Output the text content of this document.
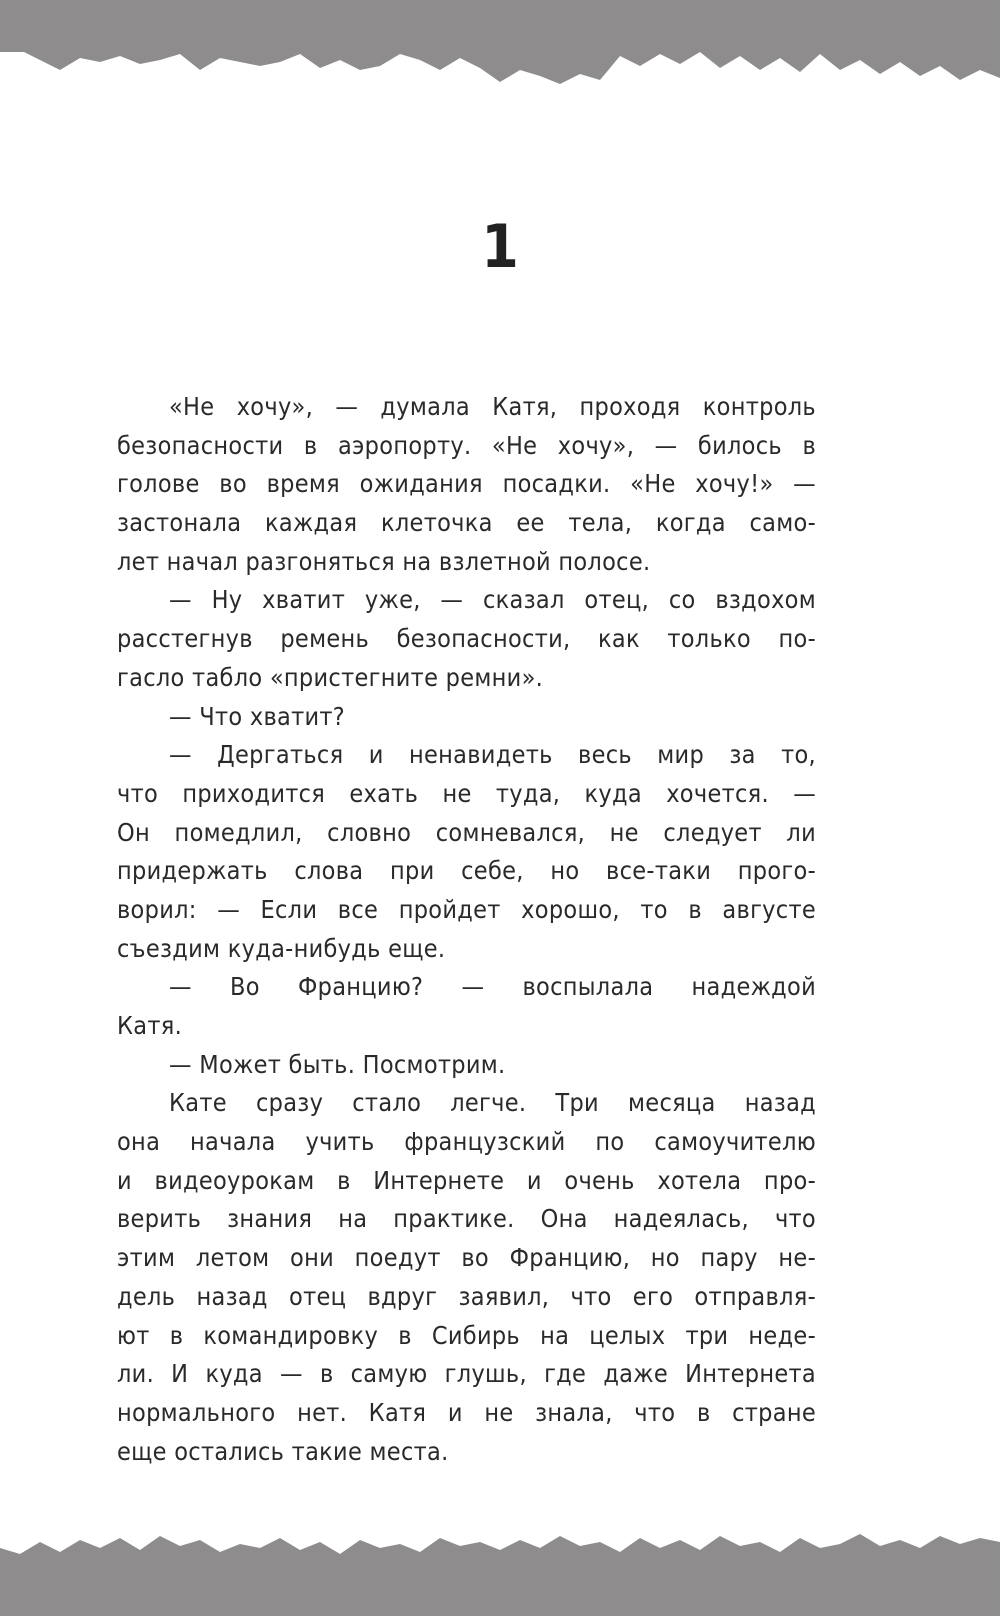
1
«Не хочу», — думала Катя, проходя контроль
безопасности в аэропорту. «Не хочу», — билось в
голове во время ожидания посадки. «Не хочу!» —
застонала каждая клеточка ее тела, когда само-
лет начал разгоняться на взлетной полосе.
— Ну хватит уже, — сказал отец, со вздохом
расстегнув ремень безопасности, как только по-
гасло табло «пристегните ремни».
— Что хватит?
— Дергаться и ненавидеть весь мир за то,
что приходится ехать не туда, куда хочется. —
Он помедлил, словно сомневался, не следует ли
придержать слова при себе, но все-таки прого-
ворил: — Если все пройдет хорошо, то в августе
съездим куда-нибудь еще.
— Во Францию? — воспылала надеждой
Катя.
— Может быть. Посмотрим.
Кате сразу стало легче. Три месяца назад
она начала учить французский по самоучителю
и видеоурокам в Интернете и очень хотела про-
верить знания на практике. Она надеялась, что
этим летом они поедут во Францию, но пару не-
дель назад отец вдруг заявил, что его отправля-
ют в командировку в Сибирь на целых три неде-
ли. И куда — в самую глушь, где даже Интернета
нормального нет. Катя и не знала, что в стране
еще остались такие места.
